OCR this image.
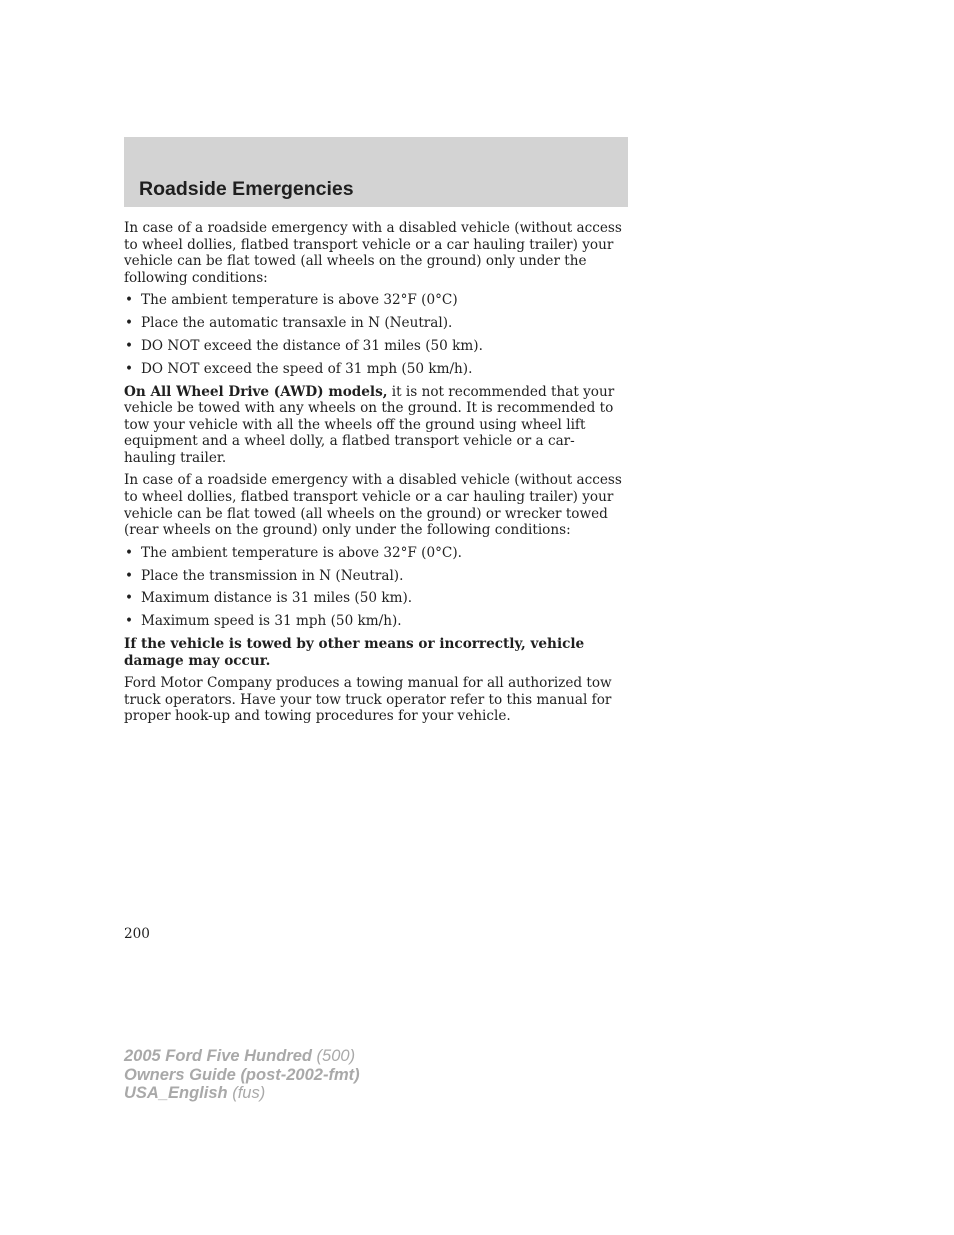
Roadside Emergencies

In case of a roadside emergency with a disabled vehicle (without access to wheel dollies, flatbed transport vehicle or a car hauling trailer) your vehicle can be flat towed (all wheels on the ground) only under the following conditions:

• The ambient temperature is above 32°F (0°C)
• Place the automatic transaxle in N (Neutral).
• DO NOT exceed the distance of 31 miles (50 km).
• DO NOT exceed the speed of 31 mph (50 km/h).

On All Wheel Drive (AWD) models, it is not recommended that your vehicle be towed with any wheels on the ground. It is recommended to tow your vehicle with all the wheels off the ground using wheel lift equipment and a wheel dolly, a flatbed transport vehicle or a car-hauling trailer.

In case of a roadside emergency with a disabled vehicle (without access to wheel dollies, flatbed transport vehicle or a car hauling trailer) your vehicle can be flat towed (all wheels on the ground) or wrecker towed (rear wheels on the ground) only under the following conditions:

• The ambient temperature is above 32°F (0°C).
• Place the transmission in N (Neutral).
• Maximum distance is 31 miles (50 km).
• Maximum speed is 31 mph (50 km/h).

If the vehicle is towed by other means or incorrectly, vehicle damage may occur.

Ford Motor Company produces a towing manual for all authorized tow truck operators. Have your tow truck operator refer to this manual for proper hook-up and towing procedures for your vehicle.

200
2005 Ford Five Hundred (500)
Owners Guide (post-2002-fmt)
USA_English (fus)
